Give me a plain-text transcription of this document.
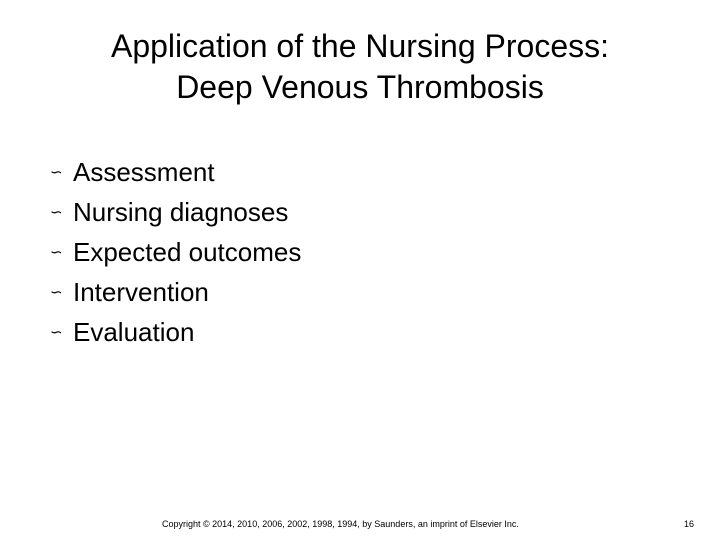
Application of the Nursing Process:
Deep Venous Thrombosis
∽ Assessment
∽ Nursing diagnoses
∽ Expected outcomes
∽ Intervention
∽ Evaluation
Copyright © 2014, 2010, 2006, 2002, 1998, 1994, by Saunders, an imprint of Elsevier Inc.	16
